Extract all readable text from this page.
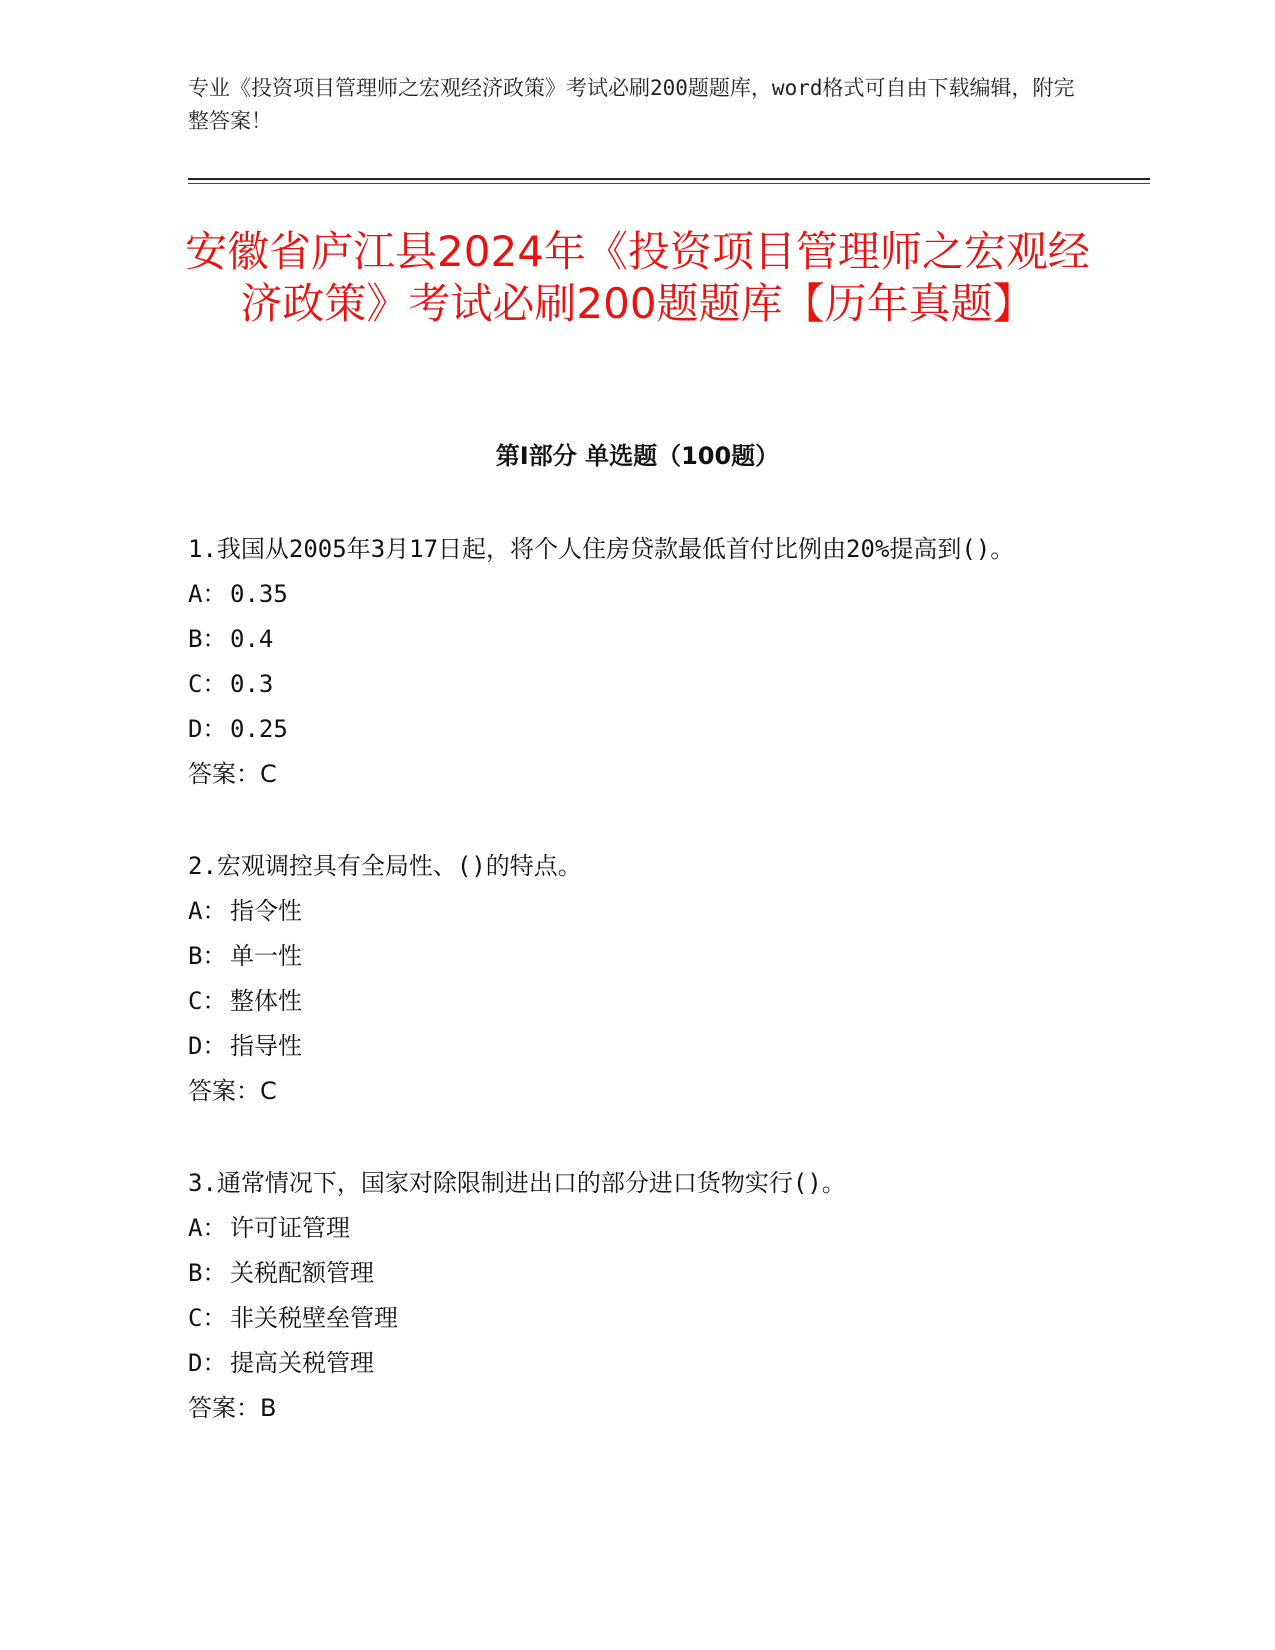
专业《投资项目管理师之宏观经济政策》考试必刷200题题库，word格式可自由下载编辑，附完整答案！
安徽省庐江县2024年《投资项目管理师之宏观经济政策》考试必刷200题题库【历年真题】
第I部分 单选题（100题）

1.我国从2005年3月17日起，将个人住房贷款最低首付比例由20%提高到()。

A： 0.35

B： 0.4

C： 0.3

D： 0.25

答案：C

2.宏观调控具有全局性、()的特点。

A： 指令性

B： 单一性

C： 整体性

D： 指导性

答案：C

3.通常情况下，国家对除限制进出口的部分进口货物实行()。

A： 许可证管理

B： 关税配额管理

C： 非关税壁垒管理

D： 提高关税管理

答案：B
